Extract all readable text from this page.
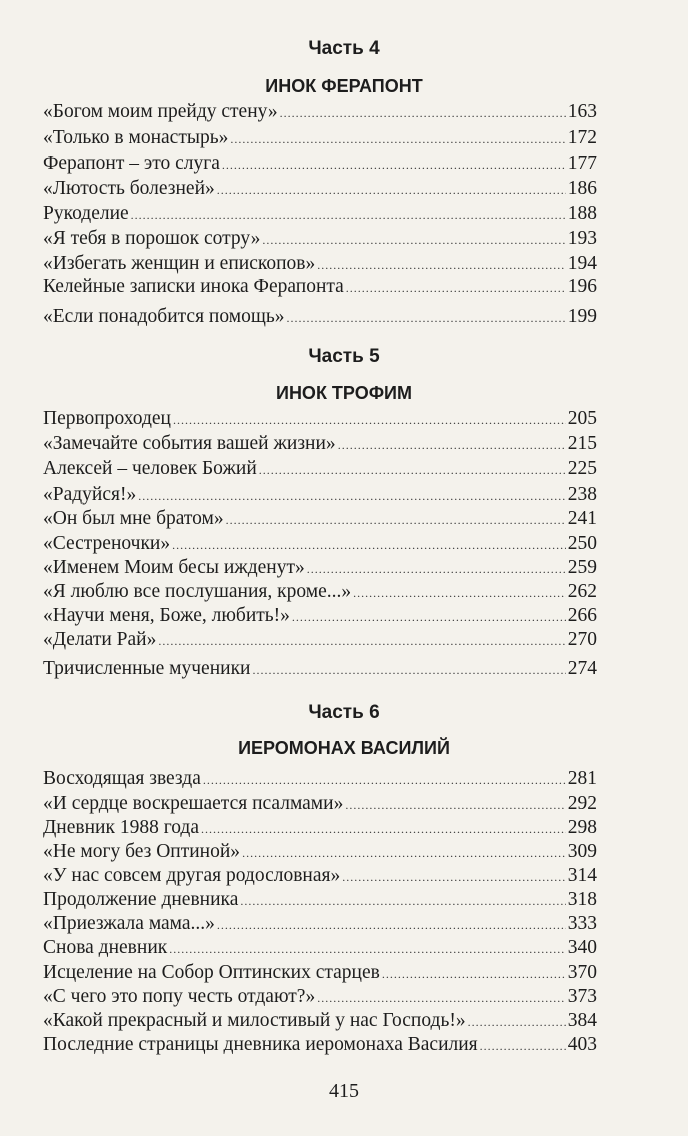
Часть 4
ИНОК ФЕРАПОНТ
«Богом моим прейду стену» .....	163
«Только в монастырь» .....	172
Ферапонт – это слуга .....	177
«Лютость болезней» .....	186
Рукоделие .....	188
«Я тебя в порошок сотру» .....	193
«Избегать женщин и епископов» .....	194
Келейные записки инока Ферапонта .....	196
«Если понадобится помощь» .....	199
Часть 5
ИНОК ТРОФИМ
Первопроходец .....	205
«Замечайте события вашей жизни» .....	215
Алексей – человек Божий .....	225
«Радуйся!» .....	238
«Он был мне братом» .....	241
«Сестреночки» .....	250
«Именем Моим бесы ижденут» .....	259
«Я люблю все послушания, кроме...» .....	262
«Научи меня, Боже, любить!» .....	266
«Делати Рай» .....	270
Тричисленные мученики .....	274
Часть 6
ИЕРОМОНАХ ВАСИЛИЙ
Восходящая звезда .....	281
«И сердце воскрешается псалмами» .....	292
Дневник 1988 года .....	298
«Не могу без Оптиной» .....	309
«У нас совсем другая родословная» .....	314
Продолжение дневника .....	318
«Приезжала мама...» .....	333
Снова дневник .....	340
Исцеление на Собор Оптинских старцев .....	370
«С чего это попу честь отдают?» .....	373
«Какой прекрасный и милостивый у нас Господь!» .....	384
Последние страницы дневника иеромонаха Василия .....	403
415
